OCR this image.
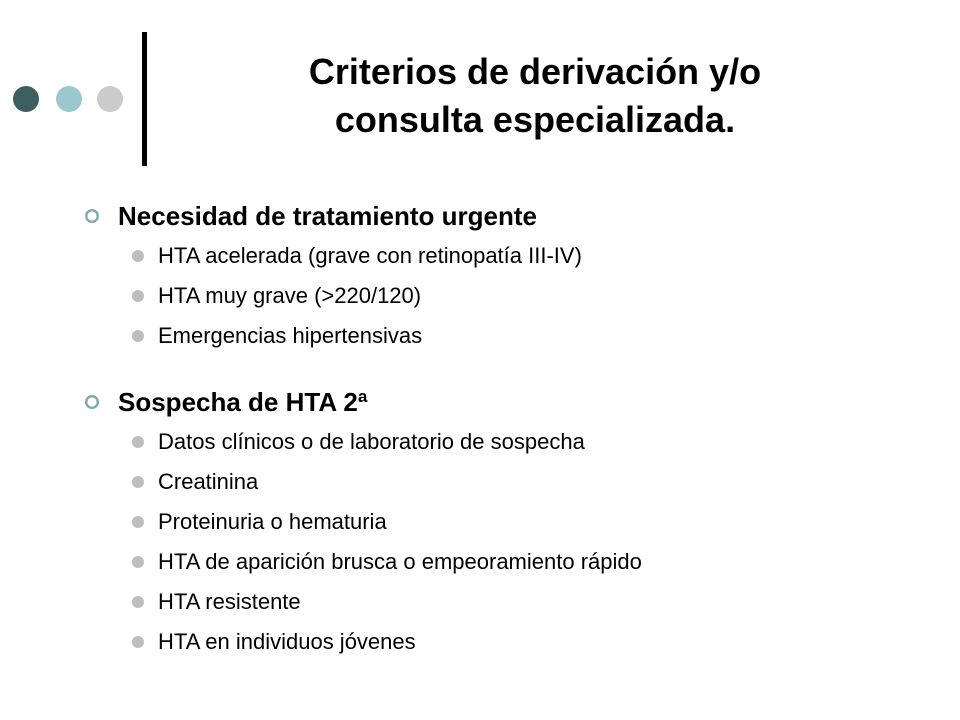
Criterios de derivación y/o
consulta especializada.
Necesidad de tratamiento urgente
HTA acelerada (grave con retinopatía III-IV)
HTA muy grave (>220/120)
Emergencias hipertensivas
Sospecha de HTA 2ª
Datos clínicos o de laboratorio de sospecha
Creatinina
Proteinuria o hematuria
HTA de aparición brusca o empeoramiento rápido
HTA resistente
HTA en individuos jóvenes
